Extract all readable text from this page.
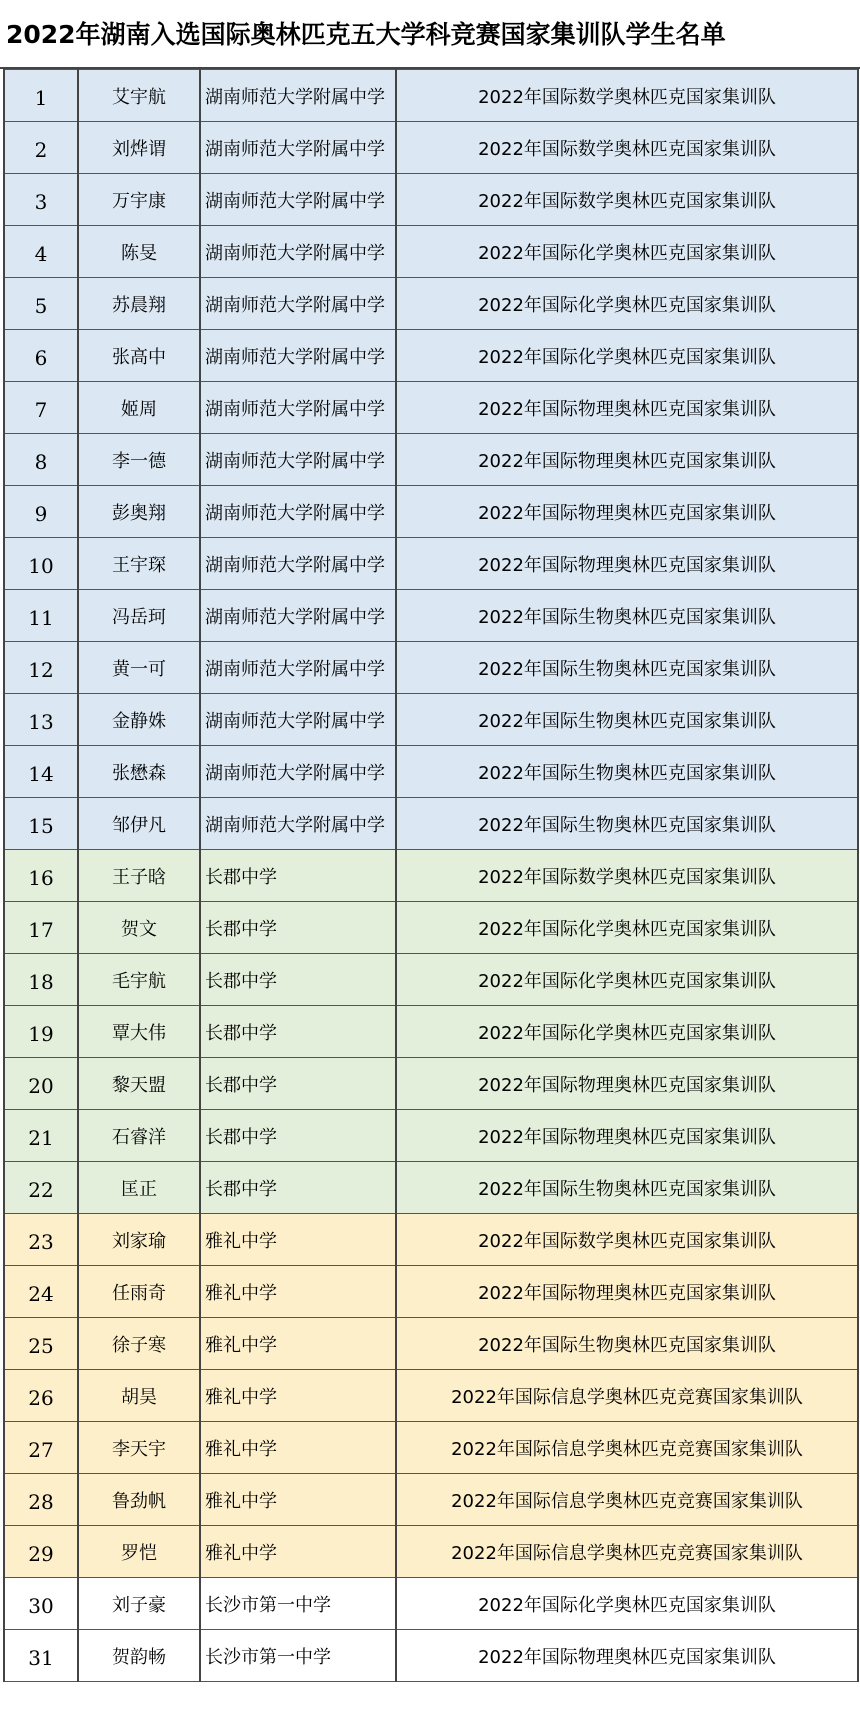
2022年湖南入选国际奥林匹克五大学科竞赛国家集训队学生名单
1	艾宇航	湖南师范大学附属中学	2022年国际数学奥林匹克国家集训队
2	刘烨谓	湖南师范大学附属中学	2022年国际数学奥林匹克国家集训队
3	万宇康	湖南师范大学附属中学	2022年国际数学奥林匹克国家集训队
4	陈旻	湖南师范大学附属中学	2022年国际化学奥林匹克国家集训队
5	苏晨翔	湖南师范大学附属中学	2022年国际化学奥林匹克国家集训队
6	张高中	湖南师范大学附属中学	2022年国际化学奥林匹克国家集训队
7	姬周	湖南师范大学附属中学	2022年国际物理奥林匹克国家集训队
8	李一德	湖南师范大学附属中学	2022年国际物理奥林匹克国家集训队
9	彭奥翔	湖南师范大学附属中学	2022年国际物理奥林匹克国家集训队
10	王宇琛	湖南师范大学附属中学	2022年国际物理奥林匹克国家集训队
11	冯岳珂	湖南师范大学附属中学	2022年国际生物奥林匹克国家集训队
12	黄一可	湖南师范大学附属中学	2022年国际生物奥林匹克国家集训队
13	金静姝	湖南师范大学附属中学	2022年国际生物奥林匹克国家集训队
14	张懋森	湖南师范大学附属中学	2022年国际生物奥林匹克国家集训队
15	邹伊凡	湖南师范大学附属中学	2022年国际生物奥林匹克国家集训队
16	王子晗	长郡中学	2022年国际数学奥林匹克国家集训队
17	贺文	长郡中学	2022年国际化学奥林匹克国家集训队
18	毛宇航	长郡中学	2022年国际化学奥林匹克国家集训队
19	覃大伟	长郡中学	2022年国际化学奥林匹克国家集训队
20	黎天盟	长郡中学	2022年国际物理奥林匹克国家集训队
21	石睿洋	长郡中学	2022年国际物理奥林匹克国家集训队
22	匡正	长郡中学	2022年国际生物奥林匹克国家集训队
23	刘家瑜	雅礼中学	2022年国际数学奥林匹克国家集训队
24	任雨奇	雅礼中学	2022年国际物理奥林匹克国家集训队
25	徐子寒	雅礼中学	2022年国际生物奥林匹克国家集训队
26	胡昊	雅礼中学	2022年国际信息学奥林匹克竞赛国家集训队
27	李天宇	雅礼中学	2022年国际信息学奥林匹克竞赛国家集训队
28	鲁劲帆	雅礼中学	2022年国际信息学奥林匹克竞赛国家集训队
29	罗恺	雅礼中学	2022年国际信息学奥林匹克竞赛国家集训队
30	刘子豪	长沙市第一中学	2022年国际化学奥林匹克国家集训队
31	贺韵畅	长沙市第一中学	2022年国际物理奥林匹克国家集训队
